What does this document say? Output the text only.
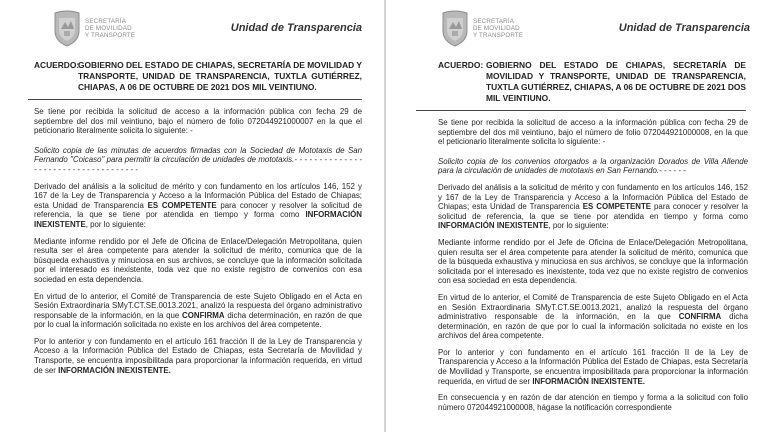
SECRETARÍA
DE MOVILIDAD
Y TRANSPORTE
Unidad de Transparencia
ACUERDO:
GOBIERNO DEL ESTADO DE CHIAPAS, SECRETARÍA DE MOVILIDAD Y TRANSPORTE, UNIDAD DE TRANSPARENCIA, TUXTLA GUTIÉRREZ, CHIAPAS, A 06 DE OCTUBRE DE 2021 DOS MIL VEINTIUNO.

Se tiene por recibida la solicitud de acceso a la información pública con fecha 29 de septiembre del dos mil veintiuno, bajo el número de folio 072044921000007 en la que el peticionario literalmente solicita lo siguiente: -

Solicito copia de las minutas de acuerdos firmadas con la Sociedad de Mototaxis de San Fernando "Coicaso" para permitir la circulación de unidades de mototaxis.- - - - - - - - - - - - - - - - - - - - - - - - - - - - - - - - - - - -

Derivado del análisis a la solicitud de mérito y con fundamento en los artículos 146, 152 y 167 de la Ley de Transparencia y Acceso a la Información Pública del Estado de Chiapas; esta Unidad de Transparencia ES COMPETENTE para conocer y resolver la solicitud de referencia, la que se tiene por atendida en tiempo y forma como INFORMACIÓN INEXISTENTE, por lo siguiente:

Mediante informe rendido por el Jefe de Oficina de Enlace/Delegación Metropolitana, quien resulta ser el área competente para atender la solicitud de mérito, comunica que de la búsqueda exhaustiva y minuciosa en sus archivos, se concluye que la información solicitada por el interesado es inexistente, toda vez que no existe registro de convenios con esa sociedad en esta dependencia.

En virtud de lo anterior, el Comité de Transparencia de este Sujeto Obligado en el Acta en Sesión Extraordinaria SMyT.CT.SE.0013.2021, analizó la respuesta del órgano administrativo responsable de la información, en la que CONFIRMA dicha determinación, en razón de que por lo cual la información solicitada no existe en los archivos del área competente.

Por lo anterior y con fundamento en el artículo 161 fracción II de la Ley de Transparencia y Acceso a la Información Pública del Estado de Chiapas, esta Secretaría de Movilidad y Transporte, se encuentra imposibilitada para proporcionar la información requerida, en virtud de ser INFORMACIÓN INEXISTENTE.

SECRETARÍA
DE MOVILIDAD
Y TRANSPORTE
Unidad de Transparencia
ACUERDO: GOBIERNO DEL ESTADO DE CHIAPAS, SECRETARÍA DE MOVILIDAD Y TRANSPORTE, UNIDAD DE TRANSPARENCIA, TUXTLA GUTIÉRREZ, CHIAPAS, A 06 DE OCTUBRE DE 2021 DOS MIL VEINTIUNO.

Se tiene por recibida la solicitud de acceso a la información pública con fecha 29 de septiembre del dos mil veintiuno, bajo el número de folio 072044921000008, en la que el peticionario literalmente solicita lo siguiente: -

Solicito copia de los convenios otorgados a la organización Dorados de Villa Allende para la circulación de unidades de mototaxis en San Fernando.- - - - - -

Derivado del análisis a la solicitud de mérito y con fundamento en los artículos 146, 152 y 167 de la Ley de Transparencia y Acceso a la Información Pública del Estado de Chiapas; esta Unidad de Transparencia ES COMPETENTE para conocer y resolver la solicitud de referencia, la que se tiene por atendida en tiempo y forma como INFORMACIÓN INEXISTENTE, por lo siguiente:

Mediante informe rendido por el Jefe de Oficina de Enlace/Delegación Metropolitana, quien resulta ser el área competente para atender la solicitud de mérito, comunica que de la búsqueda exhaustiva y minuciosa en sus archivos, se concluye que la información solicitada por el interesado es inexistente, toda vez que no existe registro de convenios con esa sociedad en esta dependencia.

En virtud de lo anterior, el Comité de Transparencia de este Sujeto Obligado en el Acta en Sesión Extraordinaria SMyT.CT.SE.0013.2021, analizó la respuesta del órgano administrativo responsable de la información, en la que CONFIRMA dicha determinación, en razón de que por lo cual la información solicitada no existe en los archivos del área competente.

Por lo anterior y con fundamento en el artículo 161 fracción II de la Ley de Transparencia y Acceso a la Información Pública del Estado de Chiapas, esta Secretaría de Movilidad y Transporte, se encuentra imposibilitada para proporcionar la información requerida, en virtud de ser INFORMACIÓN INEXISTENTE.

En consecuencia y en razón de dar atención en tiempo y forma a la solicitud con folio número 072044921000008, hágase la notificación correspondiente
